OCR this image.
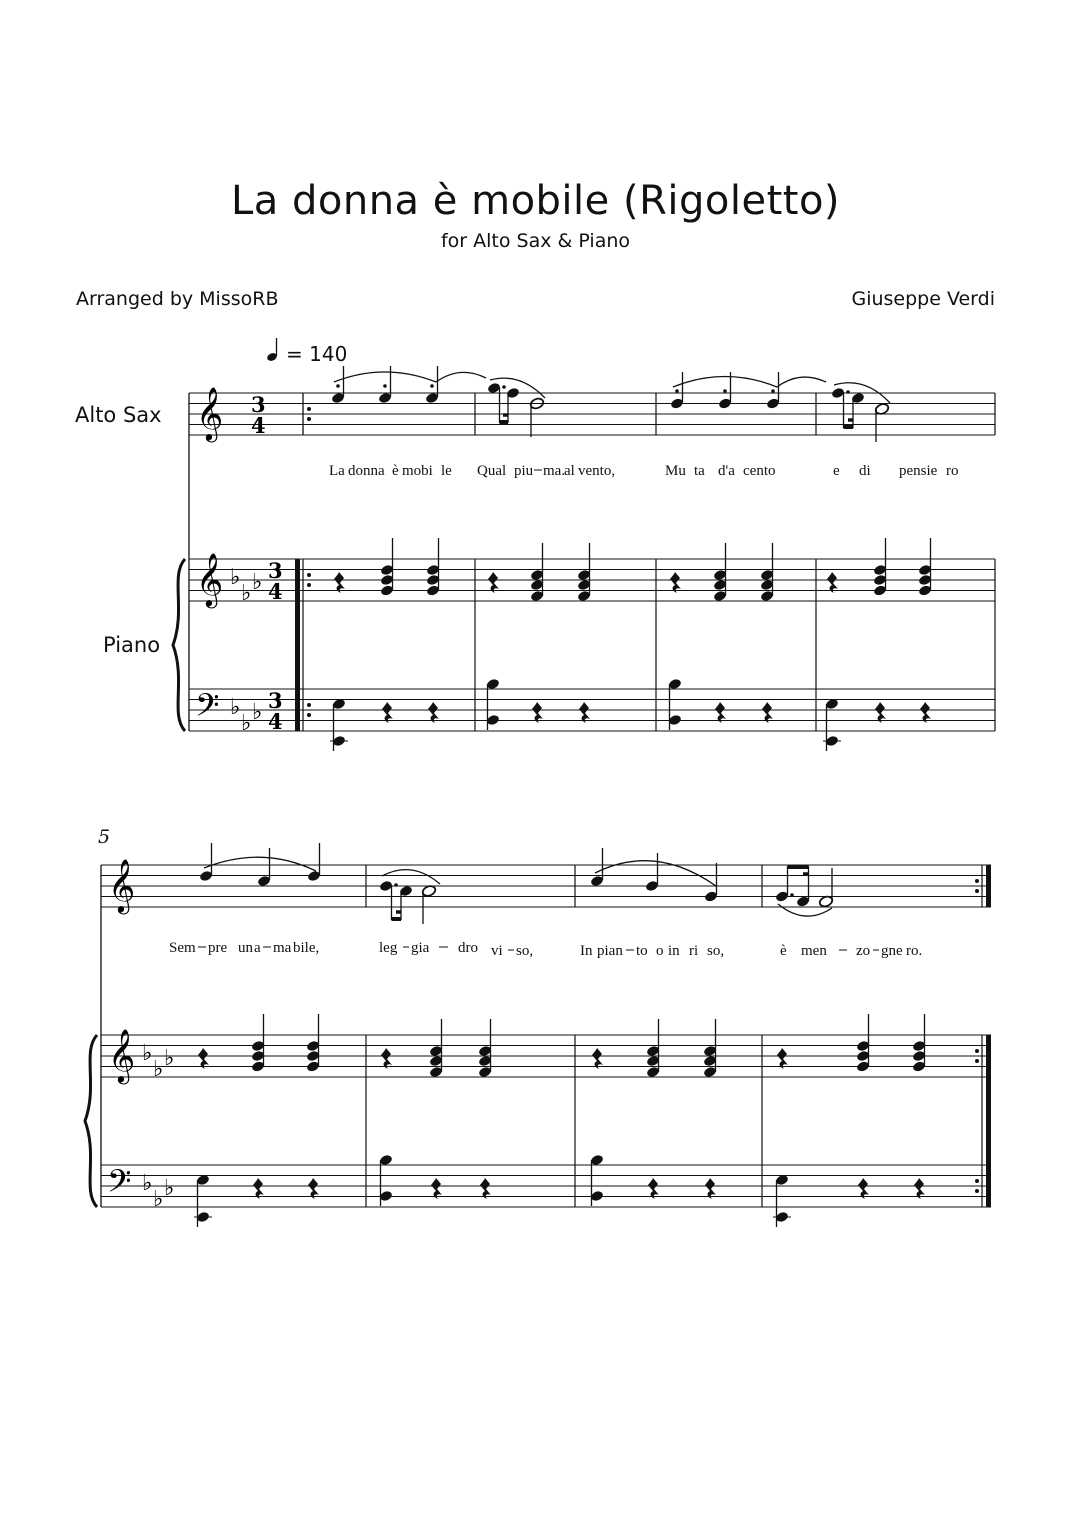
La donna è mobile (Rigoletto)
for Alto Sax & Piano
Arranged by MissoRB	Giuseppe Verdi
= 140
Alto Sax
Piano
5
𝄞 3
4
La donna è mobi le Qual piu ma.
al vento,	Mu ta d'a cento	e di pensie ro
𝄞 ♭
♭ ♭ 3
4
𝄢 ♭
♭ ♭ 3
4
𝄞
Sem pre un a ma bile,	leg gia dro vi so,	In pian to o in ri so,	è men zo gne ro.
𝄞 ♭
♭ ♭
𝄢 ♭
♭ ♭
